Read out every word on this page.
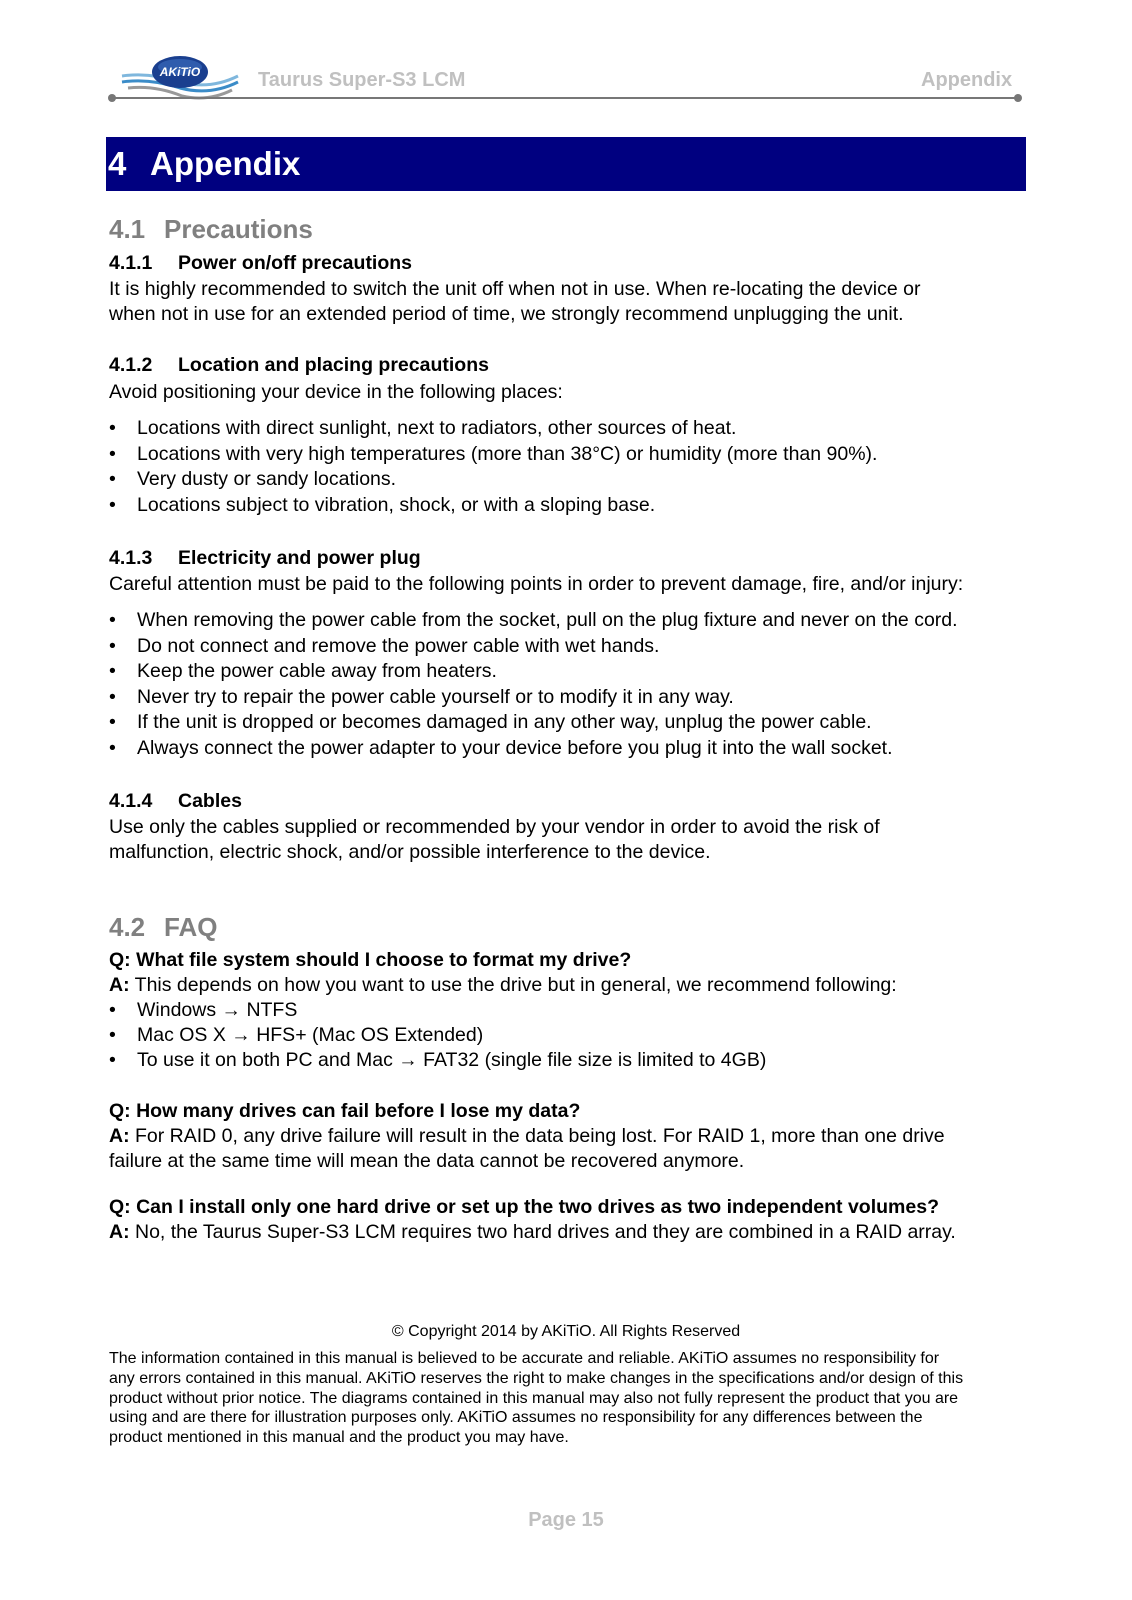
AKiTiO	Taurus Super-S3 LCM	Appendix
4 Appendix
4.1 Precautions
4.1.1 Power on/off precautions
It is highly recommended to switch the unit off when not in use. When re-locating the device or
when not in use for an extended period of time, we strongly recommend unplugging the unit.
4.1.2 Location and placing precautions
Avoid positioning your device in the following places:
• Locations with direct sunlight, next to radiators, other sources of heat.
• Locations with very high temperatures (more than 38°C) or humidity (more than 90%).
• Very dusty or sandy locations.
• Locations subject to vibration, shock, or with a sloping base.
4.1.3 Electricity and power plug
Careful attention must be paid to the following points in order to prevent damage, fire, and/or injury:
• When removing the power cable from the socket, pull on the plug fixture and never on the cord.
• Do not connect and remove the power cable with wet hands.
• Keep the power cable away from heaters.
• Never try to repair the power cable yourself or to modify it in any way.
• If the unit is dropped or becomes damaged in any other way, unplug the power cable.
• Always connect the power adapter to your device before you plug it into the wall socket.
4.1.4 Cables
Use only the cables supplied or recommended by your vendor in order to avoid the risk of
malfunction, electric shock, and/or possible interference to the device.
4.2 FAQ
Q: What file system should I choose to format my drive?
A: This depends on how you want to use the drive but in general, we recommend following:
• Windows → NTFS
• Mac OS X → HFS+ (Mac OS Extended)
• To use it on both PC and Mac → FAT32 (single file size is limited to 4GB)
Q: How many drives can fail before I lose my data?
A: For RAID 0, any drive failure will result in the data being lost. For RAID 1, more than one drive
failure at the same time will mean the data cannot be recovered anymore.
Q: Can I install only one hard drive or set up the two drives as two independent volumes?
A: No, the Taurus Super-S3 LCM requires two hard drives and they are combined in a RAID array.
© Copyright 2014 by AKiTiO. All Rights Reserved
The information contained in this manual is believed to be accurate and reliable. AKiTiO assumes no responsibility for
any errors contained in this manual. AKiTiO reserves the right to make changes in the specifications and/or design of this
product without prior notice. The diagrams contained in this manual may also not fully represent the product that you are
using and are there for illustration purposes only. AKiTiO assumes no responsibility for any differences between the
product mentioned in this manual and the product you may have.
Page 15
